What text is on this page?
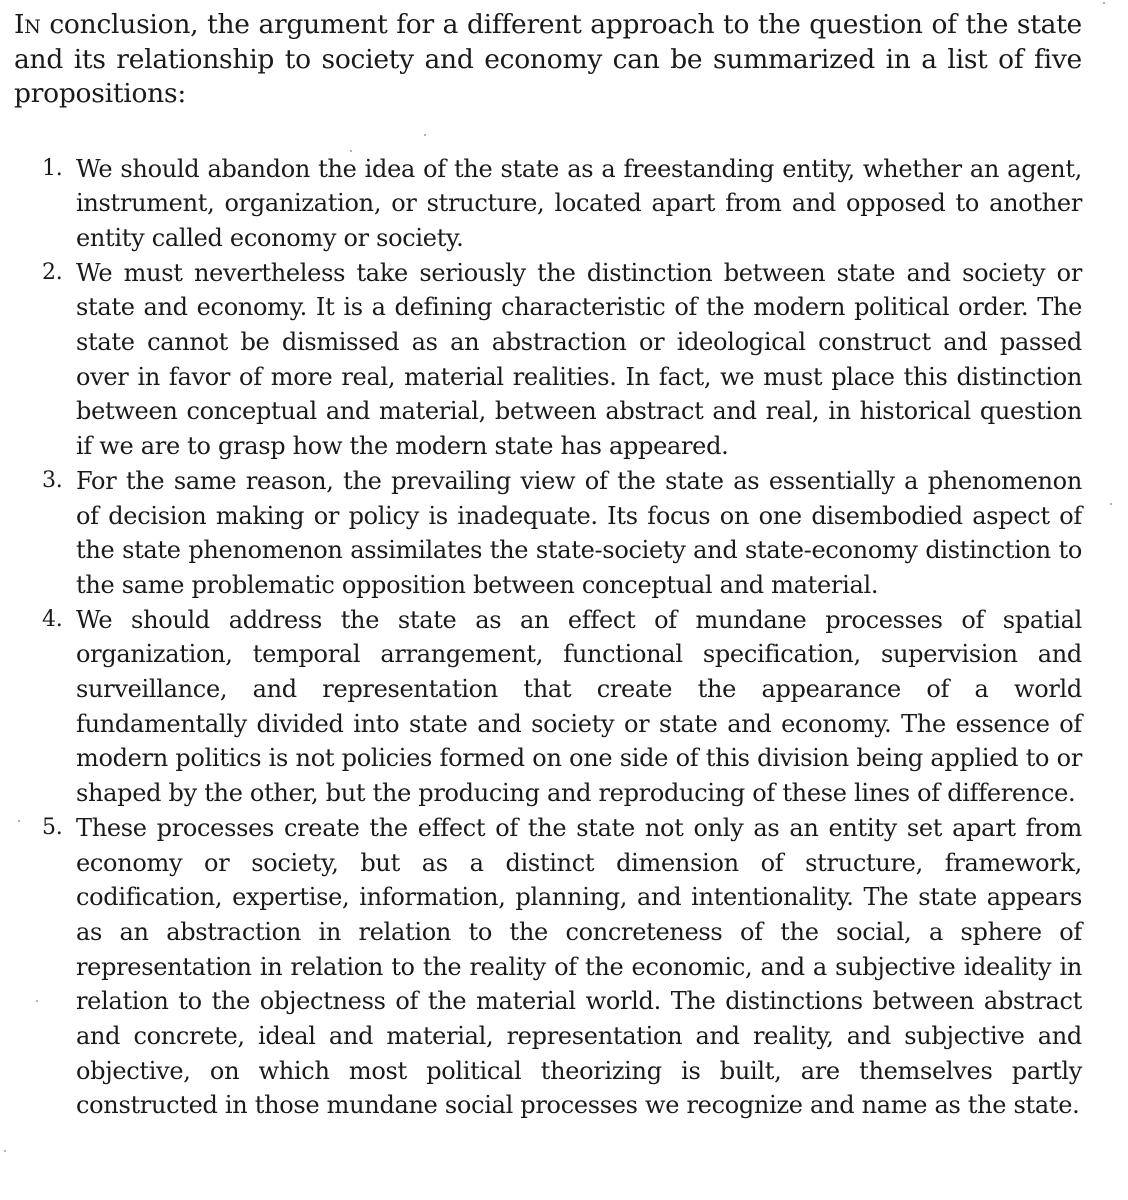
In conclusion, the argument for a different approach to the question of the state and its relationship to society and economy can be summarized in a list of five propositions:

1. We should abandon the idea of the state as a freestanding entity, whether an agent, instrument, organization, or structure, located apart from and opposed to another entity called economy or society.
2. We must nevertheless take seriously the distinction between state and society or state and economy. It is a defining characteristic of the modern political order. The state cannot be dismissed as an abstraction or ideological construct and passed over in favor of more real, material realities. In fact, we must place this distinction between conceptual and material, between abstract and real, in historical question if we are to grasp how the modern state has appeared.
3. For the same reason, the prevailing view of the state as essentially a phenomenon of decision making or policy is inadequate. Its focus on one disembodied aspect of the state phenomenon assimilates the state-society and state-economy distinction to the same problematic opposition between conceptual and material.
4. We should address the state as an effect of mundane processes of spatial organization, temporal arrangement, functional specification, supervision and surveillance, and representation that create the appearance of a world fundamentally divided into state and society or state and economy. The essence of modern politics is not policies formed on one side of this division being applied to or shaped by the other, but the producing and reproducing of these lines of difference.
5. These processes create the effect of the state not only as an entity set apart from economy or society, but as a distinct dimension of structure, framework, codification, expertise, information, planning, and intentionality. The state appears as an abstraction in relation to the concreteness of the social, a sphere of representation in relation to the reality of the economic, and a subjective ideality in relation to the objectness of the material world. The distinctions between abstract and concrete, ideal and material, representation and reality, and subjective and objective, on which most political theorizing is built, are themselves partly constructed in those mundane social processes we recognize and name as the state.
